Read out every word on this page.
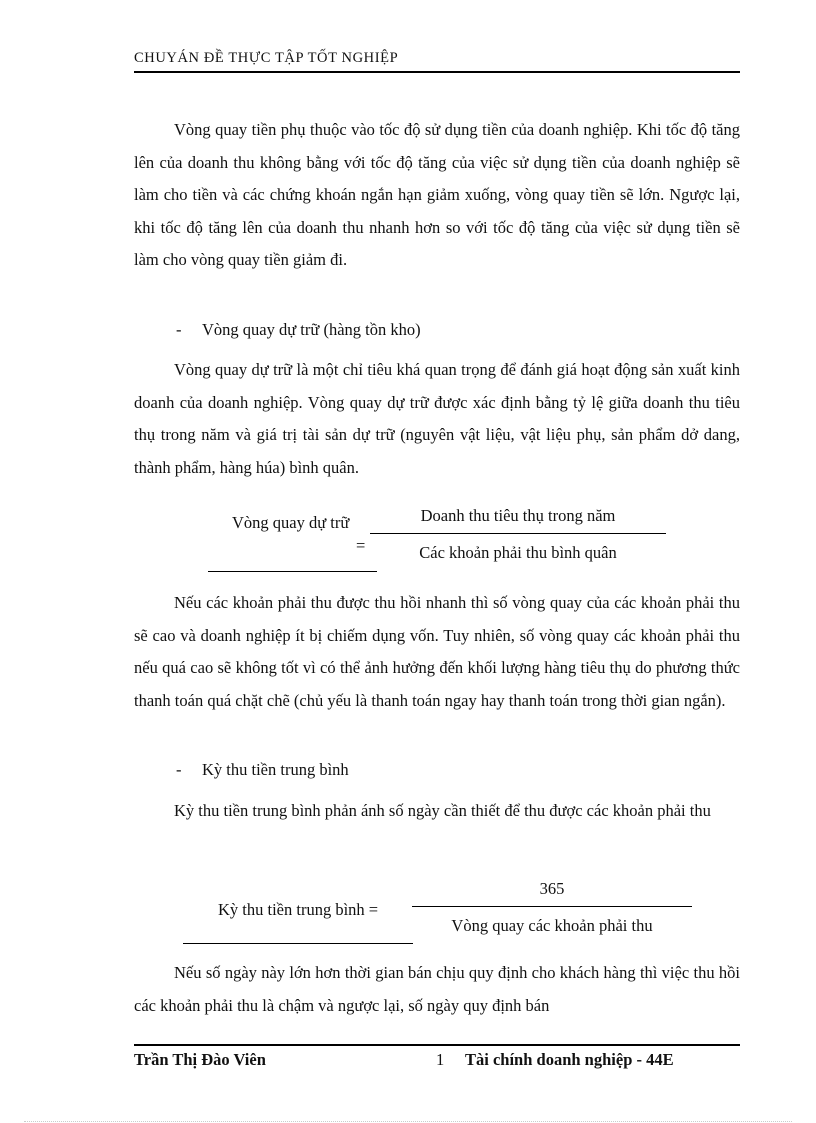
CHUYÁN ĐỀ THỰC TẬP TỐT NGHIỆP

Vòng quay tiền phụ thuộc vào tốc độ sử dụng tiền của doanh nghiệp. Khi tốc độ tăng lên của doanh thu không bằng với tốc độ tăng của việc sử dụng tiền của doanh nghiệp sẽ làm cho tiền và các chứng khoán ngắn hạn giảm xuống, vòng quay tiền sẽ lớn. Ngược lại, khi tốc độ tăng lên của doanh thu nhanh hơn so với tốc độ tăng của việc sử dụng tiền sẽ làm cho vòng quay tiền giảm đi.

- Vòng quay dự trữ (hàng tồn kho)

Vòng quay dự trữ là một chỉ tiêu khá quan trọng để đánh giá hoạt động sản xuất kinh doanh của doanh nghiệp. Vòng quay dự trữ được xác định bằng tỷ lệ giữa doanh thu tiêu thụ trong năm và giá trị tài sản dự trữ (nguyên vật liệu, vật liệu phụ, sản phẩm dở dang, thành phẩm, hàng húa) bình quân.

Vòng quay dự trữ
=
Doanh thu tiêu thụ trong năm
Các khoản phải thu bình quân

Nếu các khoản phải thu được thu hồi nhanh thì số vòng quay của các khoản phải thu sẽ cao và doanh nghiệp ít bị chiếm dụng vốn. Tuy nhiên, số vòng quay các khoản phải thu nếu quá cao sẽ không tốt vì có thể ảnh hưởng đến khối lượng hàng tiêu thụ do phương thức thanh toán quá chặt chẽ (chủ yếu là thanh toán ngay hay thanh toán trong thời gian ngắn).

- Kỳ thu tiền trung bình

Kỳ thu tiền trung bình phản ánh số ngày cần thiết để thu được các khoản phải thu

Kỳ thu tiền trung bình =
365
Vòng quay các khoản phải thu

Nếu số ngày này lớn hơn thời gian bán chịu quy định cho khách hàng thì việc thu hồi các khoản phải thu là chậm và ngược lại, số ngày quy định bán

Trần Thị Đào Viên	1 Tài chính doanh nghiệp - 44E
